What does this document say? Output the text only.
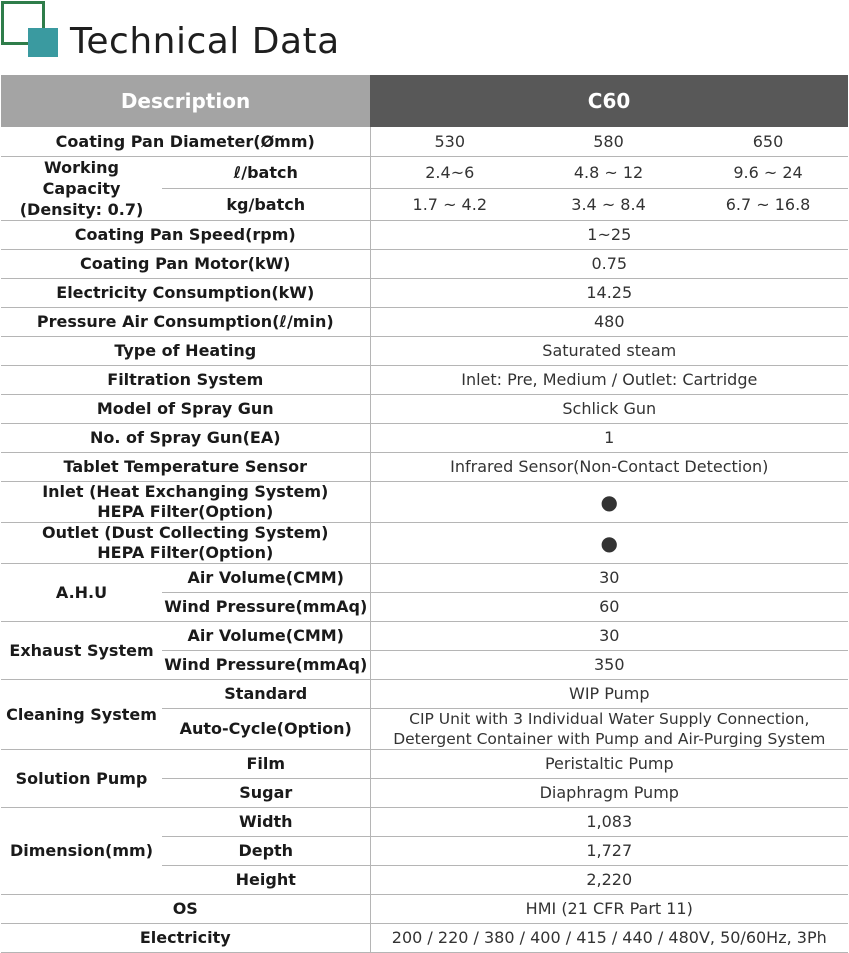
Technical Data
Description		C60		
Coating Pan Diameter(Ømm)		530	580	650
Working Capacity
(Density: 0.7)	ℓ/batch	2.4~6	4.8 ~ 12	9.6 ~ 24
	kg/batch	1.7 ~ 4.2	3.4 ~ 8.4	6.7 ~ 16.8
Coating Pan Speed(rpm)		1~25		
Coating Pan Motor(kW)		0.75		
Electricity Consumption(kW)		14.25		
Pressure Air Consumption(ℓ/min)		480		
Type of Heating		Saturated steam		
Filtration System		Inlet: Pre, Medium / Outlet: Cartridge		
Model of Spray Gun		Schlick Gun		
No. of Spray Gun(EA)		1		
Tablet Temperature Sensor		Infrared Sensor(Non-Contact Detection)		

Inlet (Heat Exchanging System)
HEPA Filter(Option)		●		

Outlet (Dust Collecting System)
HEPA Filter(Option)		●		
A.H.U	Air Volume(CMM)	30		
	Wind Pressure(mmAq)	60		
Exhaust System	Air Volume(CMM)	30		
	Wind Pressure(mmAq)	350		
Cleaning System	Standard	WIP Pump		
	Auto-Cycle(Option)	CIP Unit with 3 Individual Water Supply Connection,
Detergent Container with Pump and Air-Purging System		

Solution Pump	Film	Peristaltic Pump		
	Sugar	Diaphragm Pump		
Dimension(mm)	Width	1,083		
	Depth	1,727		
	Height	2,220		
OS		HMI (21 CFR Part 11)		
Electricity		200 / 220 / 380 / 400 / 415 / 440 / 480V, 50/60Hz, 3Ph		
